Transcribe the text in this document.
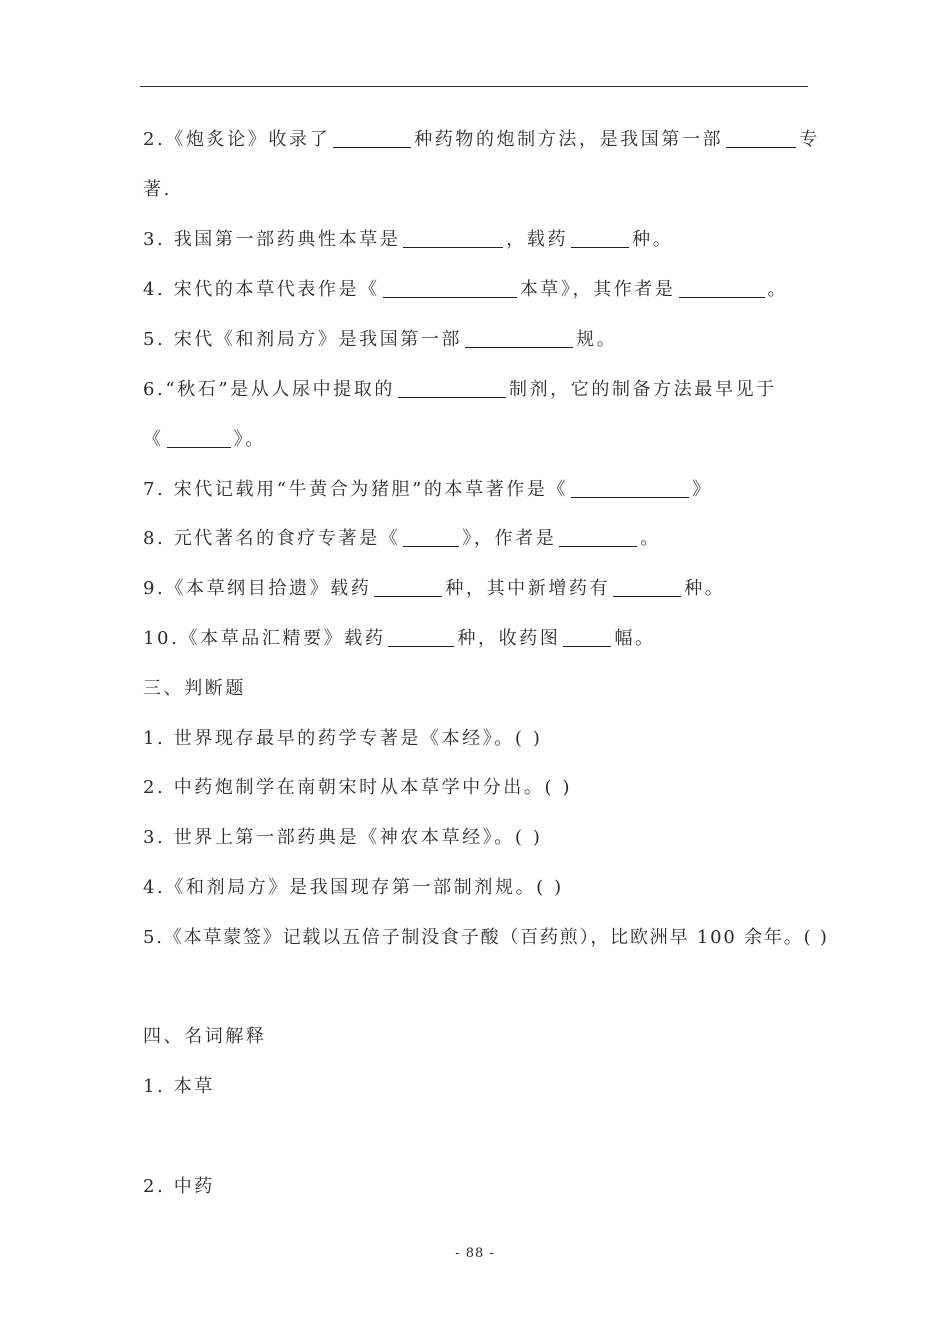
2.《炮炙论》收录了	种药物的炮制方法，是我国第一部	专
著.
3. 我国第一部药典性本草是	，载药	种。
4. 宋代的本草代表作是《	本草》，其作者是	。
5. 宋代《和剂局方》是我国第一部	规。
6.“秋石”是从人尿中提取的	制剂，它的制备方法最早见于
《	》。
7. 宋代记载用“牛黄合为猪胆”的本草著作是《	》
8. 元代著名的食疗专著是《	》，作者是	。
9.《本草纲目拾遗》载药	种，其中新增药有	种。
10.《本草品汇精要》载药	种，收药图	幅。
三、判断题
1. 世界现存最早的药学专著是《本经》。( )
2. 中药炮制学在南朝宋时从本草学中分出。( )
3. 世界上第一部药典是《神农本草经》。( )
4.《和剂局方》是我国现存第一部制剂规。( )
5.《本草蒙签》记载以五倍子制没食子酸（百药煎），比欧洲早 100 余年。( )
四、名词解释
1. 本草
2. 中药
- 88 -
